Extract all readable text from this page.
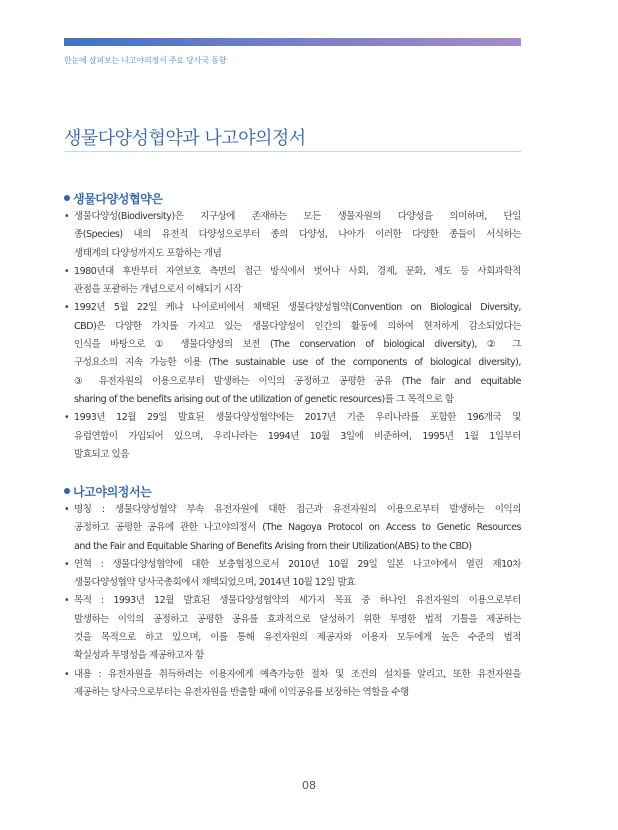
한눈에 살펴보는 나고야의정서 주요 당사국 동향
생물다양성협약과 나고야의정서
생물다양성협약은
• 생물다양성(Biodiversity)은 지구상에 존재하는 모든 생물자원의 다양성을 의미하며, 단일
종(Species) 내의 유전적 다양성으로부터 종의 다양성, 나아가 이러한 다양한 종들이 서식하는
생태계의 다양성까지도 포함하는 개념
• 1980년대 후반부터 자연보호 측면의 접근 방식에서 벗어나 사회, 경제, 문화, 제도 등 사회과학적
관점을 포괄하는 개념으로서 이해되기 시작
• 1992년 5월 22일 케냐 나이로비에서 채택된 생물다양성협약(Convention on Biological Diversity,
CBD)은 다양한 가치를 가지고 있는 생물다양성이 인간의 활동에 의하여 현저하게 감소되었다는
인식을 바탕으로 ① 생물다양성의 보전 (The conservation of biological diversity), ② 그
구성요소의 지속 가능한 이용 (The sustainable use of the components of biological diversity),
③ 유전자원의 이용으로부터 발생하는 이익의 공정하고 공평한 공유 (The fair and equitable
sharing of the benefits arising out of the utilization of genetic resources)를 그 목적으로 함
• 1993년 12월 29일 발효된 생물다양성협약에는 2017년 기준 우리나라를 포함한 196개국 및
유럽연합이 가입되어 있으며, 우리나라는 1994년 10월 3일에 비준하여, 1995년 1월 1일부터
발효되고 있음
나고야의정서는
• 명칭 : 생물다양성협약 부속 유전자원에 대한 접근과 유전자원의 이용으로부터 발생하는 이익의
공정하고 공평한 공유에 관한 나고야의정서 (The Nagoya Protocol on Access to Genetic Resources
and the Fair and Equitable Sharing of Benefits Arising from their Utilization(ABS) to the CBD)
• 연혁 : 생물다양성협약에 대한 보충협정으로서 2010년 10월 29일 일본 나고야에서 열린 제10차
생물다양성협약 당사국총회에서 채택되었으며, 2014년 10월 12일 발효
• 목적 : 1993년 12월 발효된 생물다양성협약의 세가지 목표 중 하나인 유전자원의 이용으로부터
발생하는 이익의 공정하고 공평한 공유를 효과적으로 달성하기 위한 투명한 법적 기틀을 제공하는
것을 목적으로 하고 있으며, 이를 통해 유전자원의 제공자와 이용자 모두에게 높은 수준의 법적
확실성과 투명성을 제공하고자 함
• 내용 : 유전자원을 취득하려는 이용자에게 예측가능한 절차 및 조건의 설치를 알리고, 또한 유전자원을
제공하는 당사국으로부터는 유전자원을 반출할 때에 이익공유를 보장하는 역할을 수행
08
